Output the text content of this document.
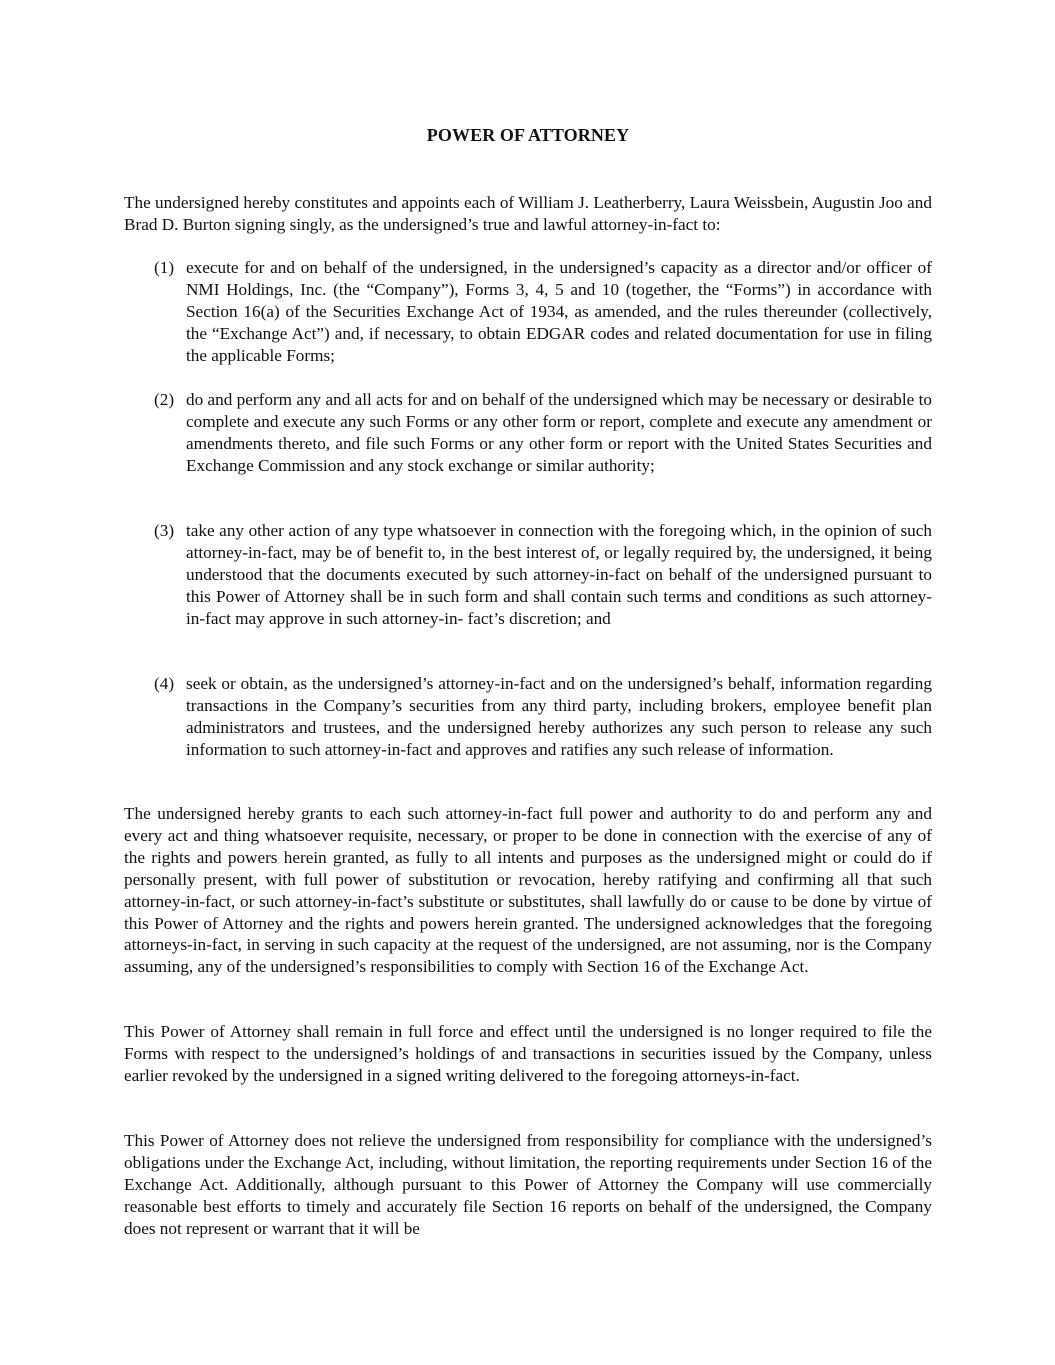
POWER OF ATTORNEY

The undersigned hereby constitutes and appoints each of William J. Leatherberry, Laura Weissbein, Augustin Joo and Brad D. Burton signing singly, as the undersigned’s true and lawful attorney-in-fact to:

(1) execute for and on behalf of the undersigned, in the undersigned’s capacity as a director and/or officer of NMI Holdings, Inc. (the “Company”), Forms 3, 4, 5 and 10 (together, the “Forms”) in accordance with Section 16(a) of the Securities Exchange Act of 1934, as amended, and the rules thereunder (collectively, the “Exchange Act”) and, if necessary, to obtain EDGAR codes and related documentation for use in filing the applicable Forms;
(2) do and perform any and all acts for and on behalf of the undersigned which may be necessary or desirable to complete and execute any such Forms or any other form or report, complete and execute any amendment or amendments thereto, and file such Forms or any other form or report with the United States Securities and Exchange Commission and any stock exchange or similar authority;
(3) take any other action of any type whatsoever in connection with the foregoing which, in the opinion of such attorney-in-fact, may be of benefit to, in the best interest of, or legally required by, the undersigned, it being understood that the documents executed by such attorney-in-fact on behalf of the undersigned pursuant to this Power of Attorney shall be in such form and shall contain such terms and conditions as such attorney-in-fact may approve in such attorney-in- fact’s discretion; and
(4) seek or obtain, as the undersigned’s attorney-in-fact and on the undersigned’s behalf, information regarding transactions in the Company’s securities from any third party, including brokers, employee benefit plan administrators and trustees, and the undersigned hereby authorizes any such person to release any such information to such attorney-in-fact and approves and ratifies any such release of information.

The undersigned hereby grants to each such attorney-in-fact full power and authority to do and perform any and every act and thing whatsoever requisite, necessary, or proper to be done in connection with the exercise of any of the rights and powers herein granted, as fully to all intents and purposes as the undersigned might or could do if personally present, with full power of substitution or revocation, hereby ratifying and confirming all that such attorney-in-fact, or such attorney-in-fact’s substitute or substitutes, shall lawfully do or cause to be done by virtue of this Power of Attorney and the rights and powers herein granted. The undersigned acknowledges that the foregoing attorneys-in-fact, in serving in such capacity at the request of the undersigned, are not assuming, nor is the Company assuming, any of the undersigned’s responsibilities to comply with Section 16 of the Exchange Act.

This Power of Attorney shall remain in full force and effect until the undersigned is no longer required to file the Forms with respect to the undersigned’s holdings of and transactions in securities issued by the Company, unless earlier revoked by the undersigned in a signed writing delivered to the foregoing attorneys-in-fact.

This Power of Attorney does not relieve the undersigned from responsibility for compliance with the undersigned’s obligations under the Exchange Act, including, without limitation, the reporting requirements under Section 16 of the Exchange Act. Additionally, although pursuant to this Power of Attorney the Company will use commercially reasonable best efforts to timely and accurately file Section 16 reports on behalf of the undersigned, the Company does not represent or warrant that it will be
